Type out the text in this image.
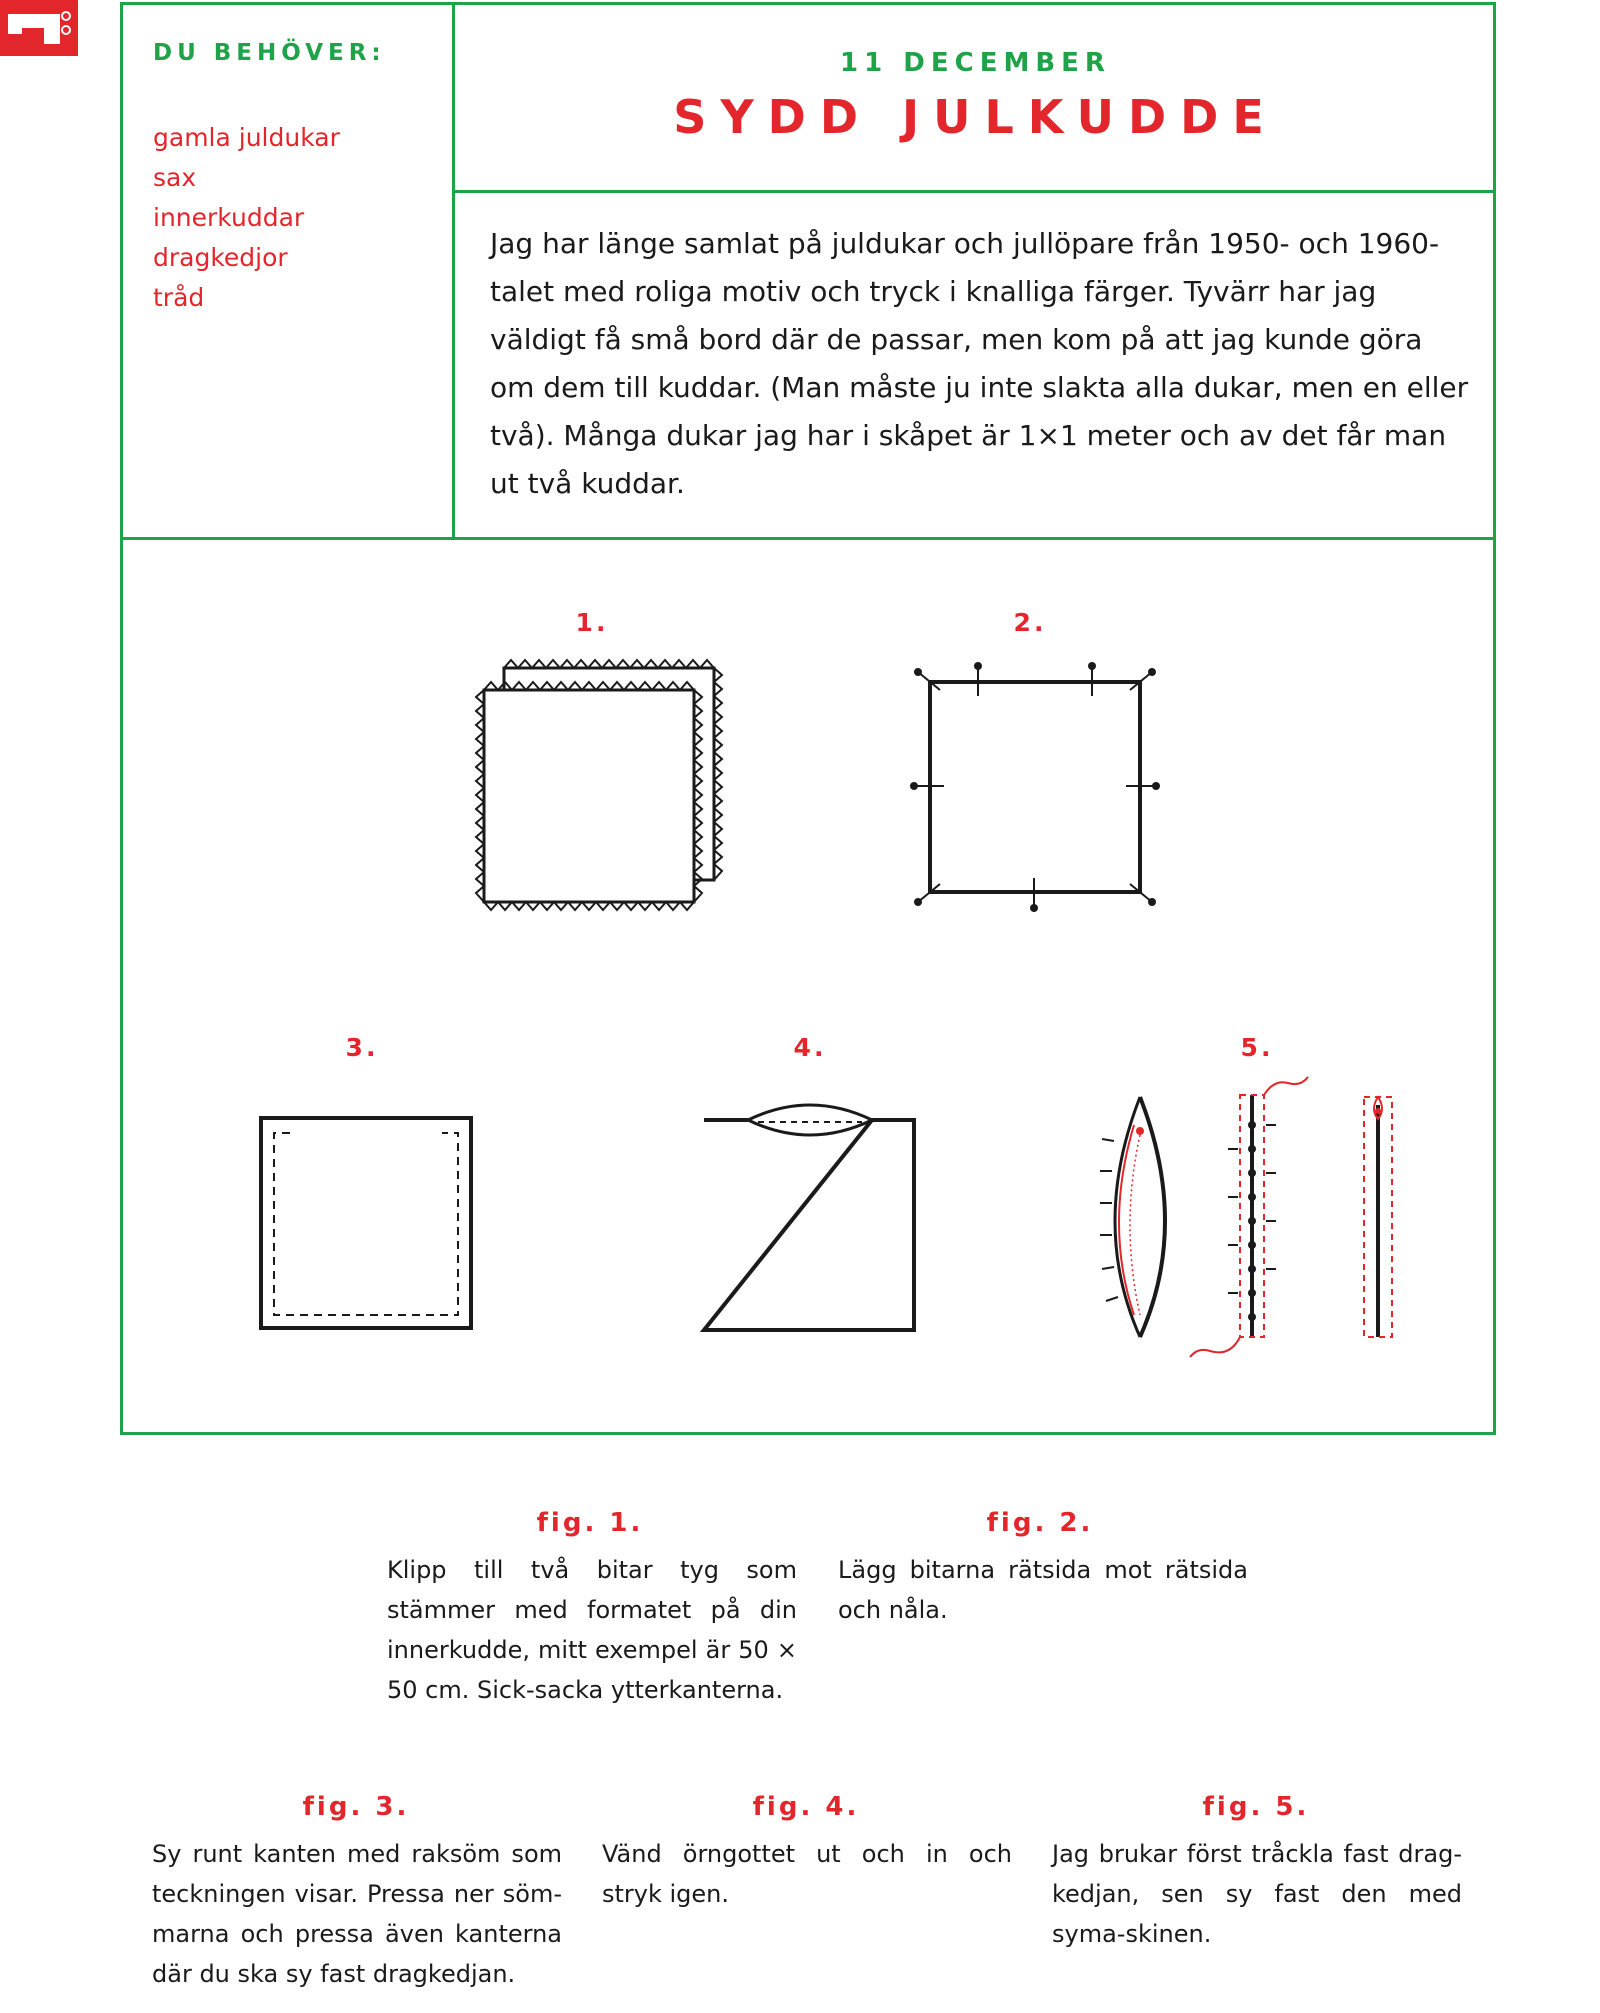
DU BEHÖVER:
gamla juldukar
sax
innerkuddar
dragkedjor
tråd
11 DECEMBER
SYDD JULKUDDE

Jag har länge samlat på juldukar och jullöpare från 1950- och 1960-talet med roliga motiv och tryck i knalliga färger. Tyvärr har jag väldigt få små bord där de passar, men kom på att jag kunde göra om dem till kuddar. (Man måste ju inte slakta alla dukar, men en eller två). Många dukar jag har i skåpet är 1×1 meter och av det får man ut två kuddar.

1.	2.
3.	4.	5.
fig. 1.

Klipp till två bitar tyg som stämmer med formatet på din innerkudde, mitt exempel är 50 × 50 cm. Sick-sacka ytterkanterna.

fig. 2.

Lägg bitarna rätsida mot rätsida och nåla.

fig. 3.

Sy runt kanten med raksöm som teckningen visar. Pressa ner söm-marna och pressa även kanterna där du ska sy fast dragkedjan.

fig. 4.

Vänd örngottet ut och in och stryk igen.

fig. 5.

Jag brukar först tråckla fast drag-kedjan, sen sy fast den med syma-skinen.
